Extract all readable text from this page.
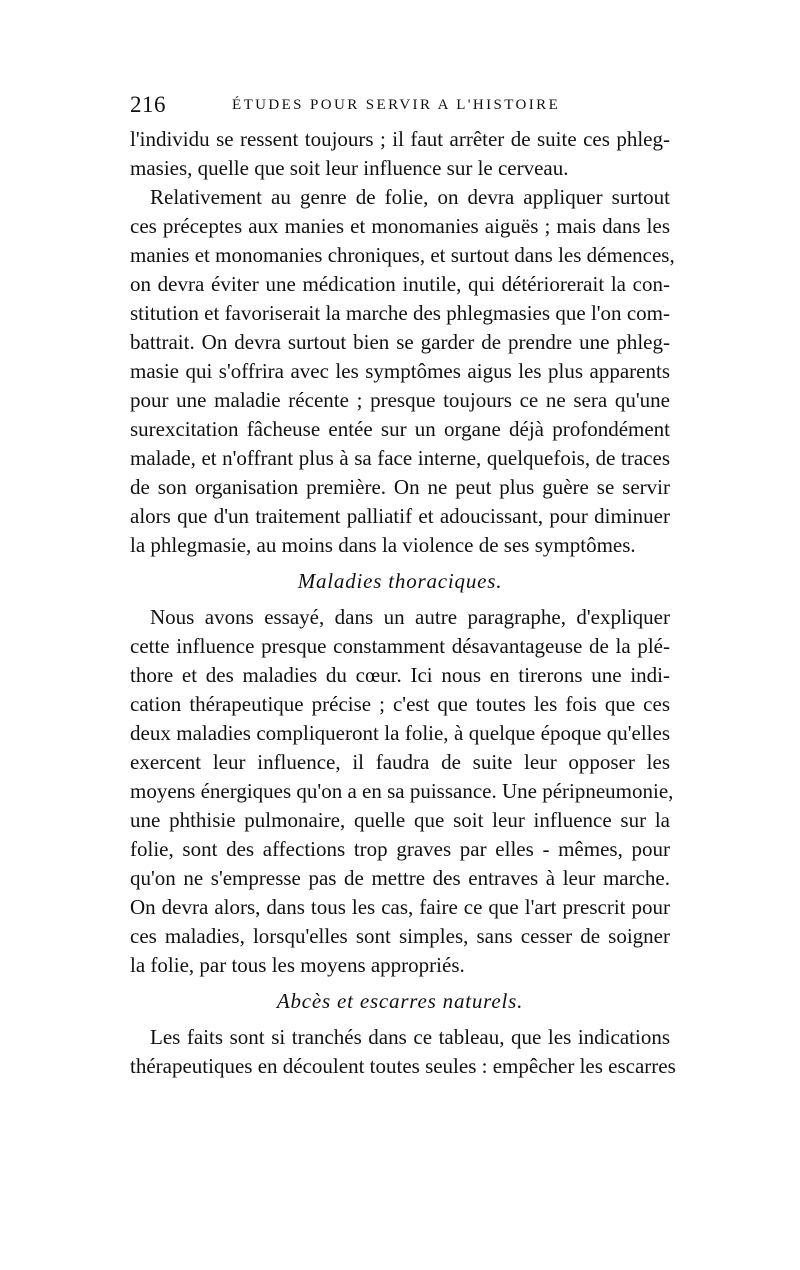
216	ÉTUDES POUR SERVIR A L'HISTOIRE
l'individu se ressent toujours ; il faut arrêter de suite ces phleg-
masies, quelle que soit leur influence sur le cerveau.
Relativement au genre de folie, on devra appliquer surtout
ces préceptes aux manies et monomanies aiguës ; mais dans les
manies et monomanies chroniques, et surtout dans les démences,
on devra éviter une médication inutile, qui détériorerait la con-
stitution et favoriserait la marche des phlegmasies que l'on com-
battrait. On devra surtout bien se garder de prendre une phleg-
masie qui s'offrira avec les symptômes aigus les plus apparents
pour une maladie récente ; presque toujours ce ne sera qu'une
surexcitation fâcheuse entée sur un organe déjà profondément
malade, et n'offrant plus à sa face interne, quelquefois, de traces
de son organisation première. On ne peut plus guère se servir
alors que d'un traitement palliatif et adoucissant, pour diminuer
la phlegmasie, au moins dans la violence de ses symptômes.
Maladies thoraciques.
Nous avons essayé, dans un autre paragraphe, d'expliquer
cette influence presque constamment désavantageuse de la plé-
thore et des maladies du cœur. Ici nous en tirerons une indi-
cation thérapeutique précise ; c'est que toutes les fois que ces
deux maladies compliqueront la folie, à quelque époque qu'elles
exercent leur influence, il faudra de suite leur opposer les
moyens énergiques qu'on a en sa puissance. Une péripneumonie,
une phthisie pulmonaire, quelle que soit leur influence sur la
folie, sont des affections trop graves par elles - mêmes, pour
qu'on ne s'empresse pas de mettre des entraves à leur marche.
On devra alors, dans tous les cas, faire ce que l'art prescrit pour
ces maladies, lorsqu'elles sont simples, sans cesser de soigner
la folie, par tous les moyens appropriés.
Abcès et escarres naturels.
Les faits sont si tranchés dans ce tableau, que les indications
thérapeutiques en découlent toutes seules : empêcher les escarres
